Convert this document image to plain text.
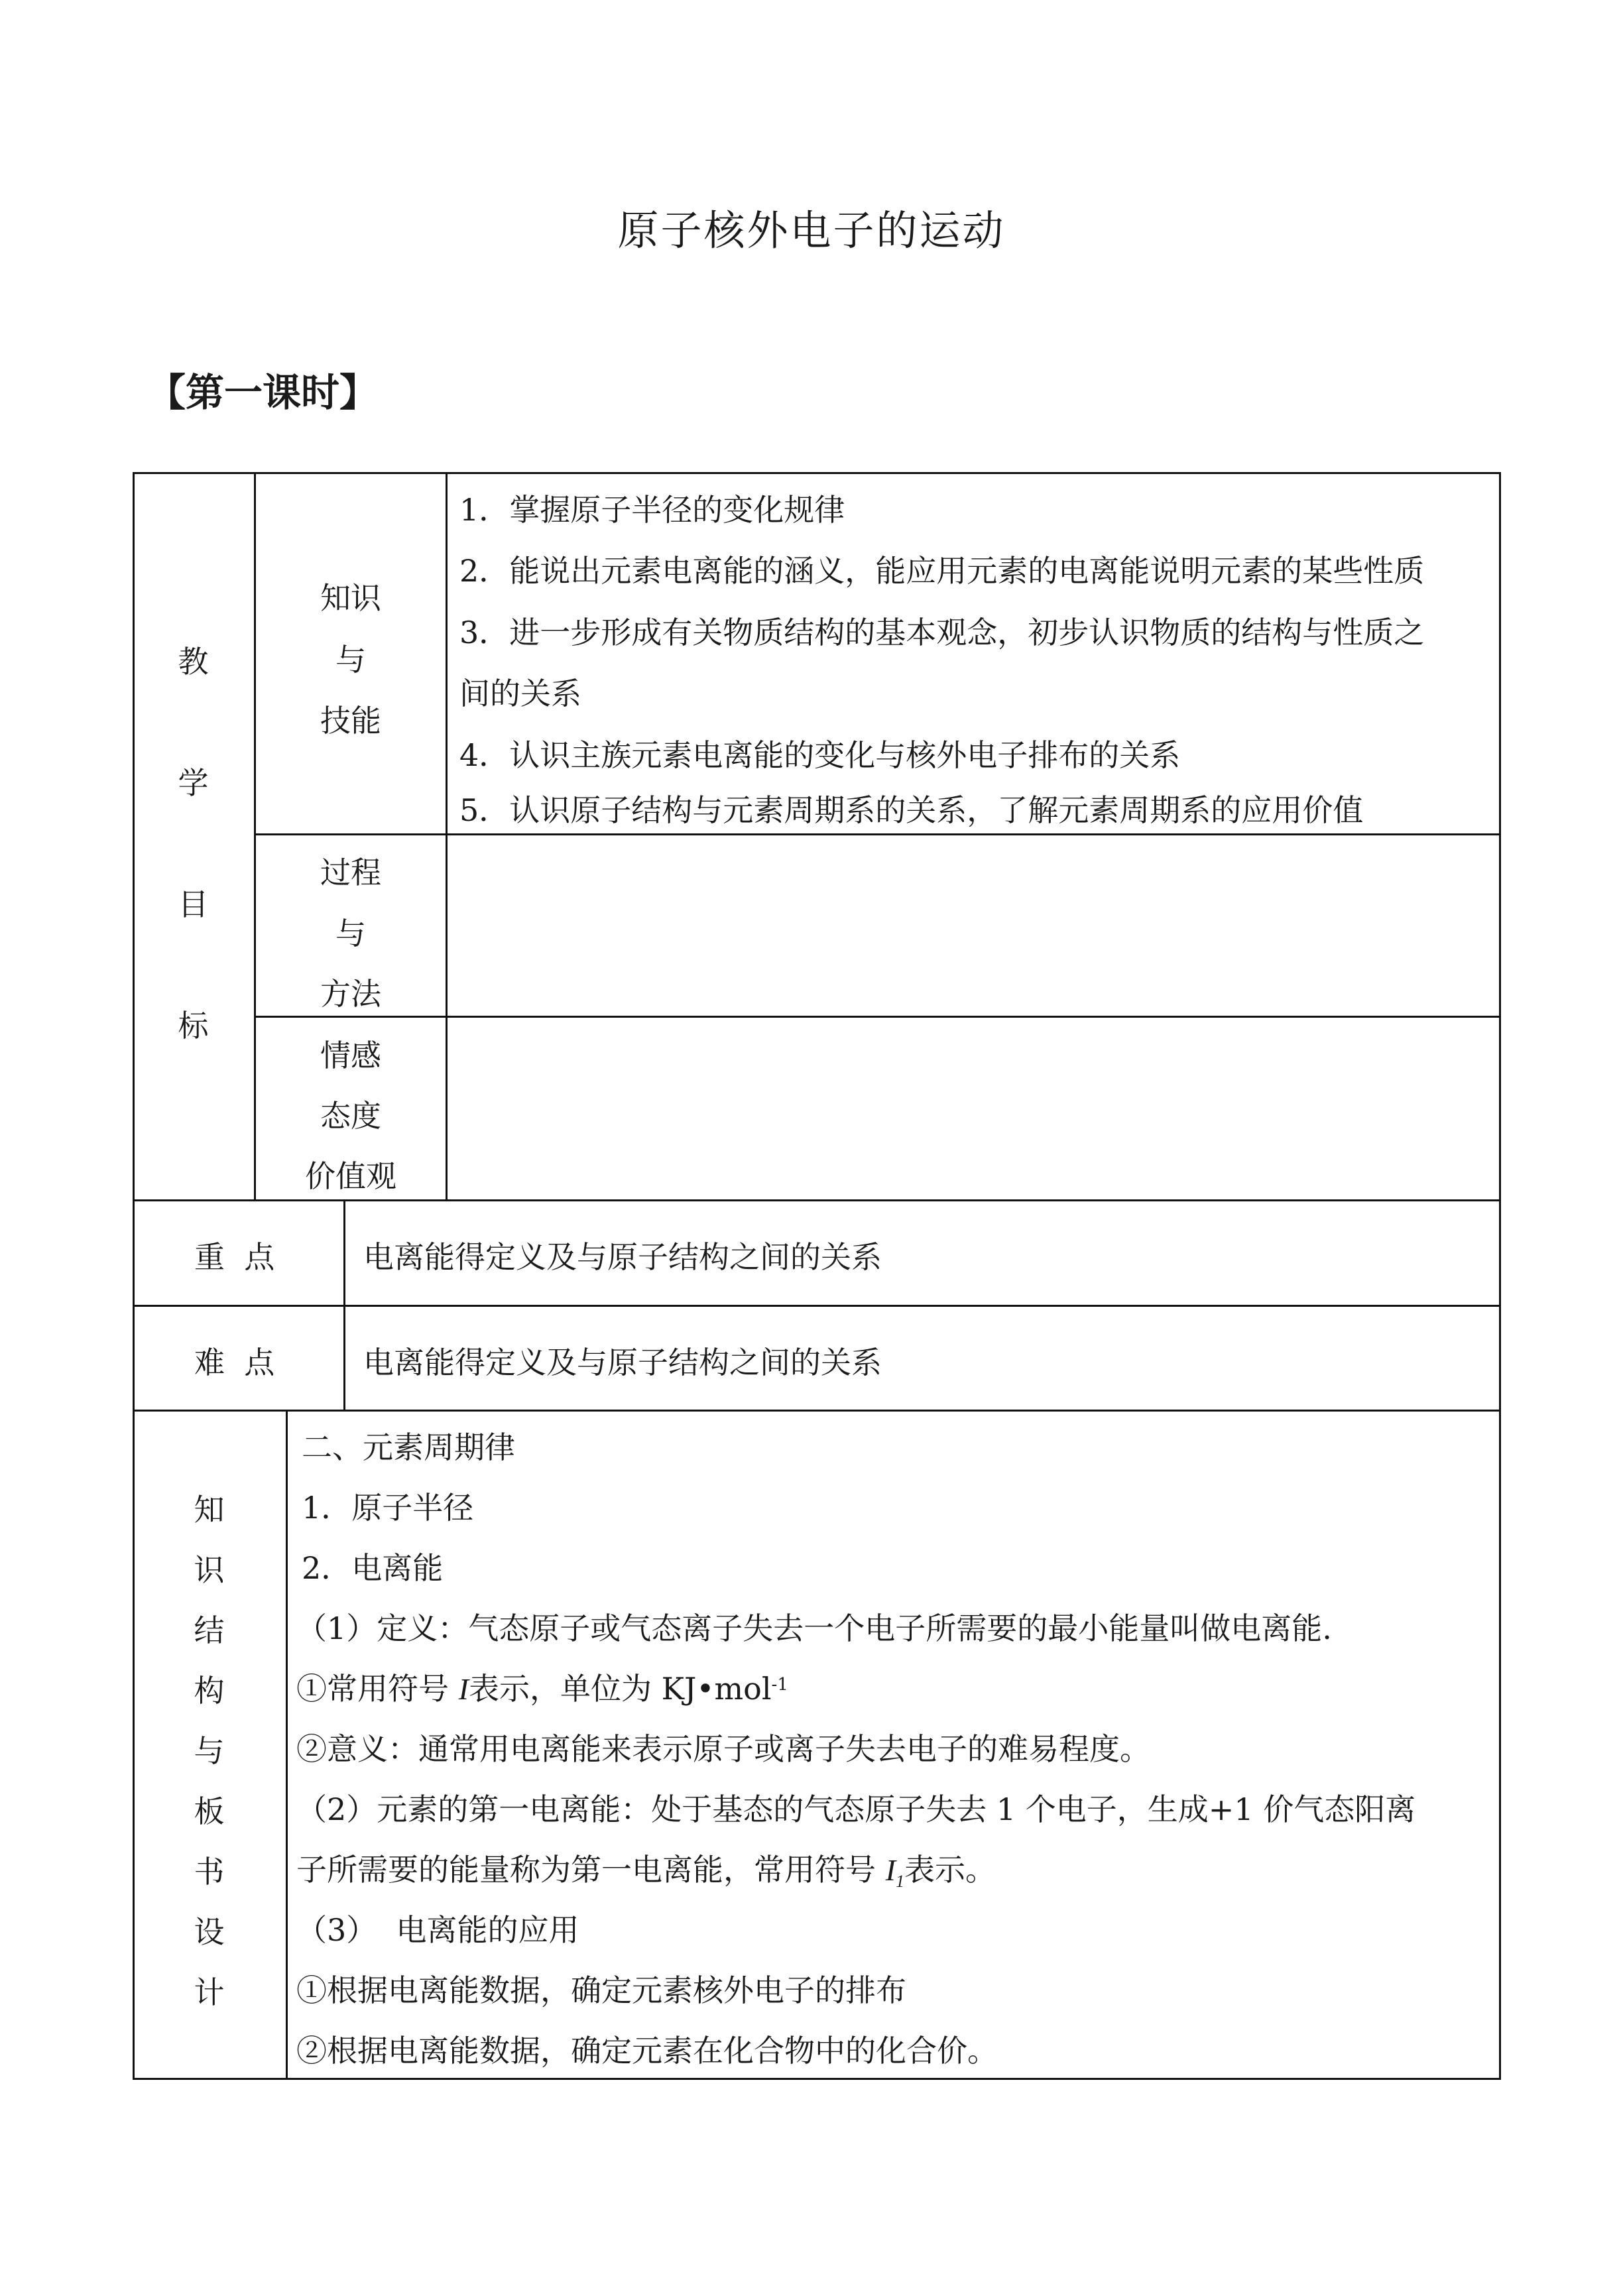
原子核外电子的运动
【第一课时】
教
学
目
标
知识
与
技能
1．掌握原子半径的变化规律
2．能说出元素电离能的涵义，能应用元素的电离能说明元素的某些性质
3．进一步形成有关物质结构的基本观念，初步认识物质的结构与性质之
间的关系
4．认识主族元素电离能的变化与核外电子排布的关系
5．认识原子结构与元素周期系的关系，了解元素周期系的应用价值
过程
与
方法
情感
态度
价值观
重  点	电离能得定义及与原子结构之间的关系
难  点	电离能得定义及与原子结构之间的关系
知
识
结
构
与
板
书
设
计
二、元素周期律
1．原子半径
2．电离能
（1）定义：气态原子或气态离子失去一个电子所需要的最小能量叫做电离能.
①常用符号 I表示，单位为 KJ•mol$^{-1}$
②意义：通常用电离能来表示原子或离子失去电子的难易程度。
（2）元素的第一电离能：处于基态的气态原子失去 1 个电子，生成+1 价气态阳离
子所需要的能量称为第一电离能，常用符号 $I_1$表示。
（3）  电离能的应用
①根据电离能数据，确定元素核外电子的排布
②根据电离能数据，确定元素在化合物中的化合价。
